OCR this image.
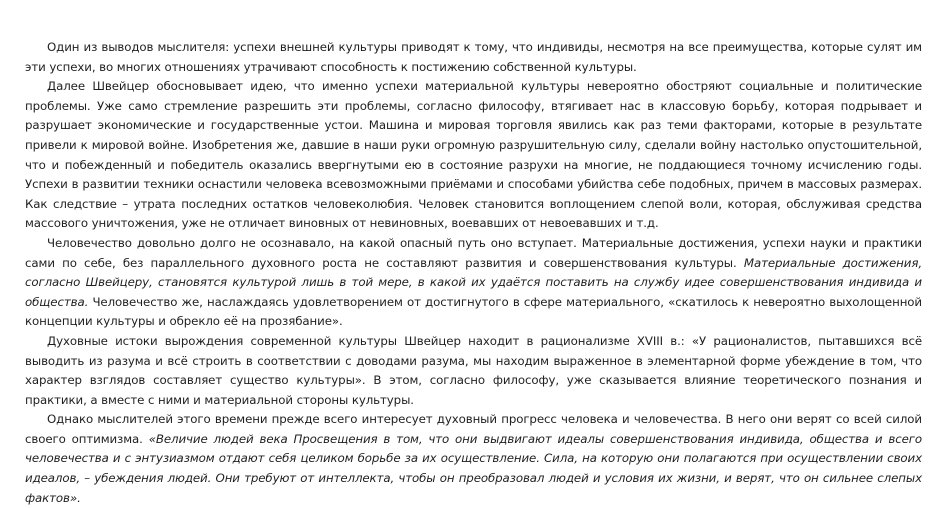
Один из выводов мыслителя: успехи внешней культуры приводят к тому, что индивиды, несмотря на все преимущества, которые сулят им эти успехи, во многих отношениях утрачивают способность к постижению собственной культуры.

Далее Швейцер обосновывает идею, что именно успехи материальной культуры невероятно обостряют социальные и политические проблемы. Уже само стремление разрешить эти проблемы, согласно философу, втягивает нас в классовую борьбу, которая подрывает и разрушает экономические и государственные устои. Машина и мировая торговля явились как раз теми факторами, которые в результате привели к мировой войне. Изобретения же, давшие в наши руки огромную разрушительную силу, сделали войну настолько опустошительной, что и побежденный и победитель оказались ввергнутыми ею в состояние разрухи на многие, не поддающиеся точному исчислению годы. Успехи в развитии техники оснастили человека всевозможными приёмами и способами убийства себе подобных, причем в массовых размерах. Как следствие – утрата последних остатков человеколюбия. Человек становится воплощением слепой воли, которая, обслуживая средства массового уничтожения, уже не отличает виновных от невиновных, воевавших от невоевавших и т.д.

Человечество довольно долго не осознавало, на какой опасный путь оно вступает. Материальные достижения, успехи науки и практики сами по себе, без параллельного духовного роста не составляют развития и совершенствования культуры. Материальные достижения, согласно Швейцеру, становятся культурой лишь в той мере, в какой их удаётся поставить на службу идее совершенствования индивида и общества. Человечество же, наслаждаясь удовлетворением от достигнутого в сфере материального, «скатилось к невероятно выхолощенной концепции культуры и обрекло её на прозябание».

Духовные истоки вырождения современной культуры Швейцер находит в рационализме XVIII в.: «У рационалистов, пытавшихся всё выводить из разума и всё строить в соответствии с доводами разума, мы находим выраженное в элементарной форме убеждение в том, что характер взглядов составляет существо культуры». В этом, согласно философу, уже сказывается влияние теоретического познания и практики, а вместе с ними и материальной стороны культуры.

Однако мыслителей этого времени прежде всего интересует духовный прогресс человека и человечества. В него они верят со всей силой своего оптимизма. «Величие людей века Просвещения в том, что они выдвигают идеалы совершенствования индивида, общества и всего человечества и с энтузиазмом отдают себя целиком борьбе за их осуществление. Сила, на которую они полагаются при осуществлении своих идеалов, – убеждения людей. Они требуют от интеллекта, чтобы он преобразовал людей и условия их жизни, и верят, что он сильнее слепых фактов».
